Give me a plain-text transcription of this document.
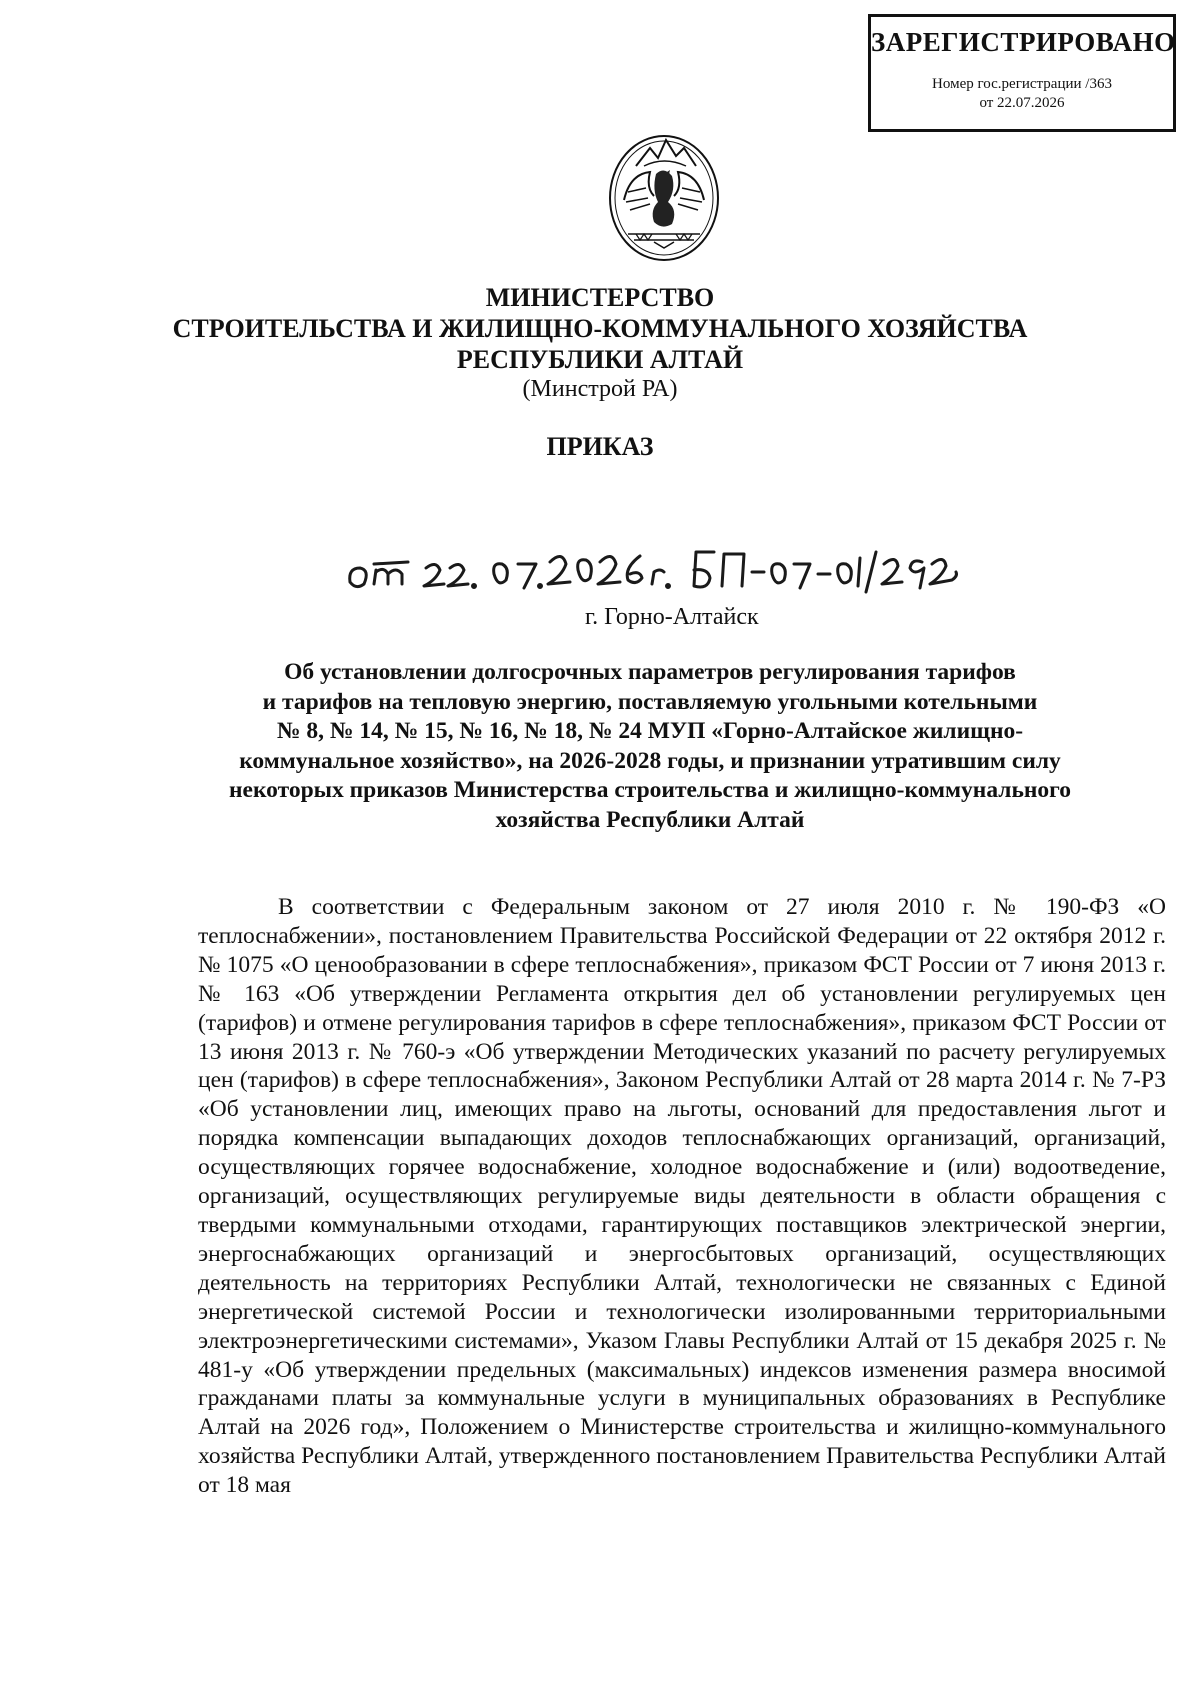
ЗАРЕГИСТРИРОВАНО
Номер гос.регистрации /363
от 22.07.2026
МИНИСТЕРСТВО
СТРОИТЕЛЬСТВА И ЖИЛИЩНО-КОММУНАЛЬНОГО ХОЗЯЙСТВА
РЕСПУБЛИКИ АЛТАЙ
(Минстрой РА)
ПРИКАЗ
г. Горно-Алтайск
Об установлении долгосрочных параметров регулирования тарифов
и тарифов на тепловую энергию, поставляемую угольными котельными
№ 8, № 14, № 15, № 16, № 18, № 24 МУП «Горно-Алтайское жилищно-
коммунальное хозяйство», на 2026-2028 годы, и признании утратившим силу
некоторых приказов Министерства строительства и жилищно-коммунального
хозяйства Республики Алтай
В соответствии с Федеральным законом от 27 июля 2010 г. № 190-ФЗ «О теплоснабжении», постановлением Правительства Российской Федерации от 22 октября 2012 г. № 1075 «О ценообразовании в сфере теплоснабжения», приказом ФСТ России от 7 июня 2013 г. № 163 «Об утверждении Регламента открытия дел об установлении регулируемых цен (тарифов) и отмене регулирования тарифов в сфере теплоснабжения», приказом ФСТ России от 13 июня 2013 г. № 760-э «Об утверждении Методических указаний по расчету регулируемых цен (тарифов) в сфере теплоснабжения», Законом Республики Алтай от 28 марта 2014 г. № 7-РЗ «Об установлении лиц, имеющих право на льготы, оснований для предоставления льгот и порядка компенсации выпадающих доходов теплоснабжающих организаций, организаций, осуществляющих горячее водоснабжение, холодное водоснабжение и (или) водоотведение, организаций, осуществляющих регулируемые виды деятельности в области обращения с твердыми коммунальными отходами, гарантирующих поставщиков электрической энергии, энергоснабжающих организаций и энергосбытовых организаций, осуществляющих деятельность на территориях Республики Алтай, технологически не связанных с Единой энергетической системой России и технологически изолированными территориальными электроэнергетическими системами», Указом Главы Республики Алтай от 15 декабря 2025 г. № 481-у «Об утверждении предельных (максимальных) индексов изменения размера вносимой гражданами платы за коммунальные услуги в муниципальных образованиях в Республике Алтай на 2026 год», Положением о Министерстве строительства и жилищно-коммунального хозяйства Республики Алтай, утвержденного постановлением Правительства Республики Алтай от 18 мая
